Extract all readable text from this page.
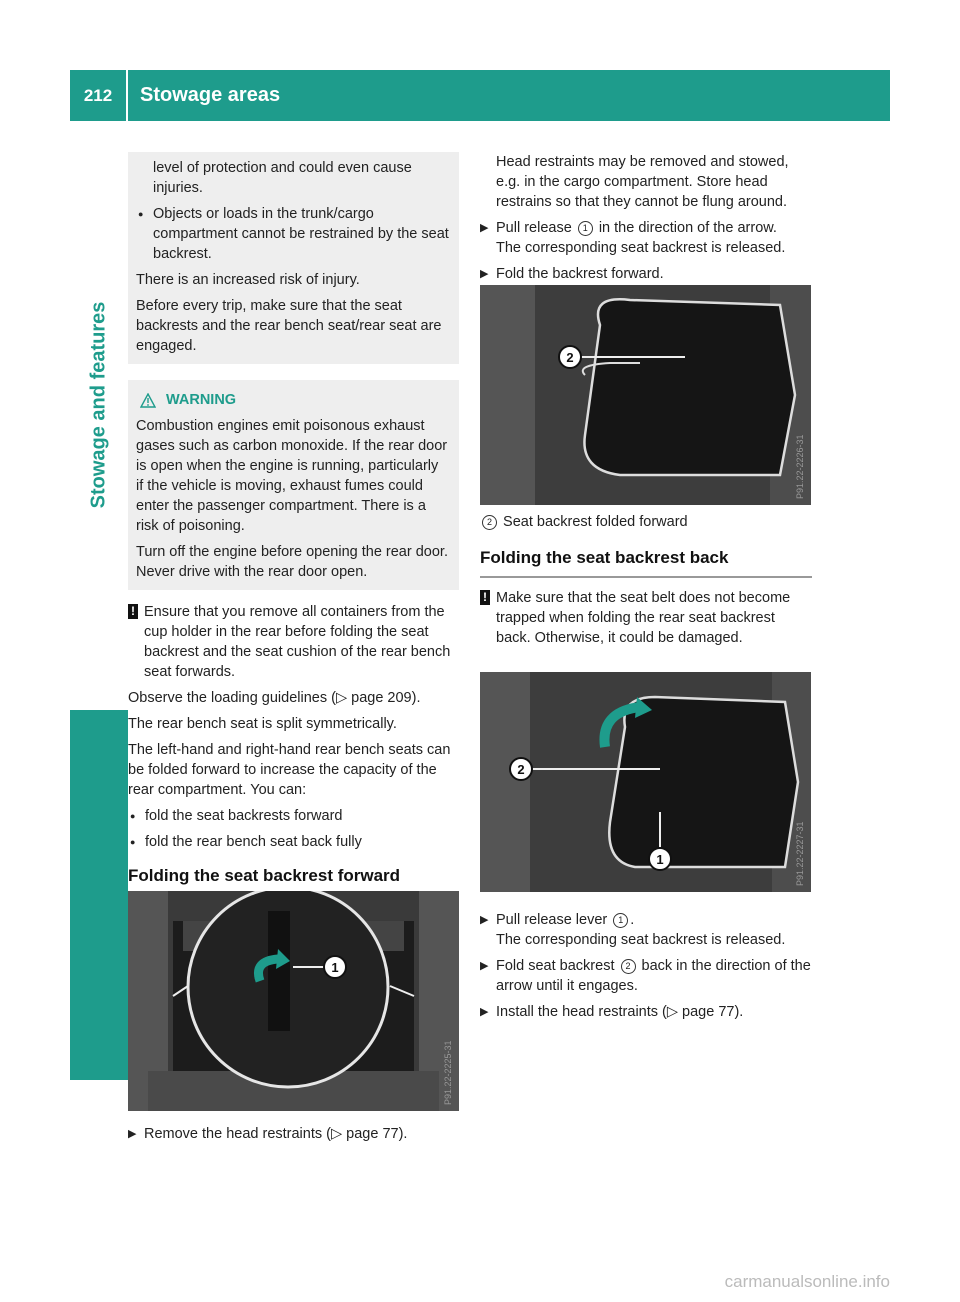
212	Stowage areas
Stowage and features

level of protection and could even cause injuries.

● Objects or loads in the trunk/cargo compartment cannot be restrained by the seat backrest.

There is an increased risk of injury.

Before every trip, make sure that the seat backrests and the rear bench seat/rear seat are engaged.

WARNING

Combustion engines emit poisonous exhaust gases such as carbon monoxide. If the rear door is open when the engine is running, particularly if the vehicle is moving, exhaust fumes could enter the passenger compartment. There is a risk of poisoning.

Turn off the engine before opening the rear door. Never drive with the rear door open.

! Ensure that you remove all containers from the cup holder in the rear before folding the seat backrest and the seat cushion of the rear bench seat forwards.

Observe the loading guidelines (▷ page 209).

The rear bench seat is split symmetrically.

The left-hand and right-hand rear bench seats can be folded forward to increase the capacity of the rear compartment. You can:

● fold the seat backrests forward
● fold the rear bench seat back fully
Folding the seat backrest forward
1
P91.22-2225-31
▶ Remove the head restraints (▷ page 77).

Head restraints may be removed and stowed, e.g. in the cargo compartment. Store head restrains so that they cannot be flung around.

▶ Pull release 1 in the direction of the arrow.
The corresponding seat backrest is released.
▶ Fold the backrest forward.
2
P91.22-2226-31

2 Seat backrest folded forward

Folding the seat backrest back
! Make sure that the seat belt does not become trapped when folding the rear seat backrest back. Otherwise, it could be damaged.
2
1	P91.22-2227-31
▶ Pull release lever 1 .
The corresponding seat backrest is released.
▶ Fold seat backrest 2 back in the direction of the arrow until it engages.
▶ Install the head restraints (▷ page 77).
carmanualsonline.info
